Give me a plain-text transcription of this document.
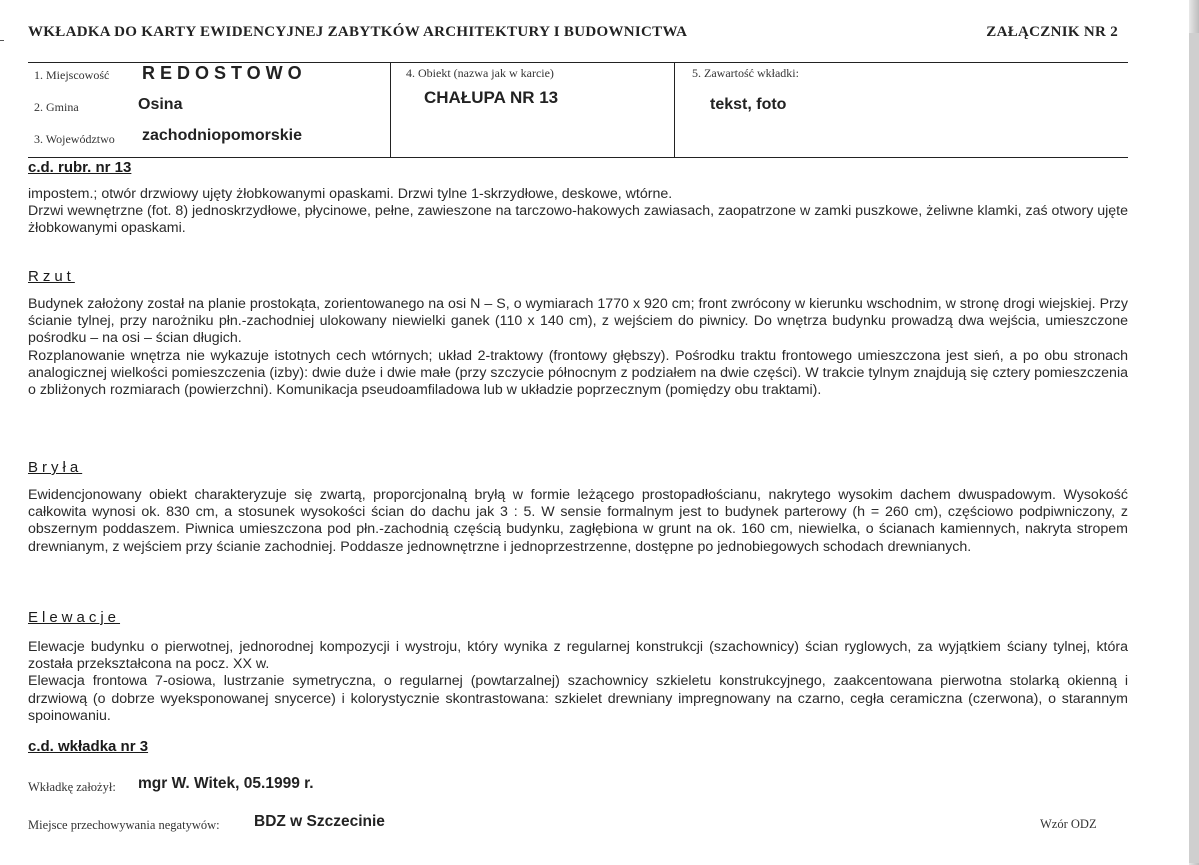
WKŁADKA DO KARTY EWIDENCYJNEJ ZABYTKÓW ARCHITEKTURY I BUDOWNICTWA	ZAŁĄCZNIK NR 2
1. Miejscowość REDOSTOWO
2. Gmina	Osina
3. Województwo zachodniopomorskie
4. Obiekt (nazwa jak w karcie)
CHAŁUPA NR 13
5. Zawartość wkładki:
tekst, foto
c.d. rubr. nr 13

impostem.; otwór drzwiowy ujęty żłobkowanymi opaskami. Drzwi tylne 1-skrzydłowe, deskowe, wtórne.

Drzwi wewnętrzne (fot. 8) jednoskrzydłowe, płycinowe, pełne, zawieszone na tarczowo-hakowych zawiasach, zaopatrzone w zamki puszkowe, żeliwne klamki, zaś otwory ujęte żłobkowanymi opaskami.

Rzut

Budynek założony został na planie prostokąta, zorientowanego na osi N – S, o wymiarach 1770 x 920 cm; front zwrócony w kierunku wschodnim, w stronę drogi wiejskiej. Przy ścianie tylnej, przy narożniku płn.-zachodniej ulokowany niewielki ganek (110 x 140 cm), z wejściem do piwnicy. Do wnętrza budynku prowadzą dwa wejścia, umieszczone pośrodku – na osi – ścian długich.

Rozplanowanie wnętrza nie wykazuje istotnych cech wtórnych; układ 2-traktowy (frontowy głębszy). Pośrodku traktu frontowego umieszczona jest sień, a po obu stronach analogicznej wielkości pomieszczenia (izby): dwie duże i dwie małe (przy szczycie północnym z podziałem na dwie części). W trakcie tylnym znajdują się cztery pomieszczenia o zbliżonych rozmiarach (powierzchni). Komunikacja pseudoamfiladowa lub w układzie poprzecznym (pomiędzy obu traktami).

Bryła

Ewidencjonowany obiekt charakteryzuje się zwartą, proporcjonalną bryłą w formie leżącego prostopadłościanu, nakrytego wysokim dachem dwuspadowym. Wysokość całkowita wynosi ok. 830 cm, a stosunek wysokości ścian do dachu jak 3 : 5. W sensie formalnym jest to budynek parterowy (h = 260 cm), częściowo podpiwniczony, z obszernym poddaszem. Piwnica umieszczona pod płn.-zachodnią częścią budynku, zagłębiona w grunt na ok. 160 cm, niewielka, o ścianach kamiennych, nakryta stropem drewnianym, z wejściem przy ścianie zachodniej. Poddasze jednownętrzne i jednoprzestrzenne, dostępne po jednobiegowych schodach drewnianych.

Elewacje

Elewacje budynku o pierwotnej, jednorodnej kompozycji i wystroju, który wynika z regularnej konstrukcji (szachownicy) ścian ryglowych, za wyjątkiem ściany tylnej, która została przekształcona na pocz. XX w.

Elewacja frontowa 7-osiowa, lustrzanie symetryczna, o regularnej (powtarzalnej) szachownicy szkieletu konstrukcyjnego, zaakcentowana pierwotna stolarką okienną i drzwiową (o dobrze wyeksponowanej snycerce) i kolorystycznie skontrastowana: szkielet drewniany impregnowany na czarno, cegła ceramiczna (czerwona), o starannym spoinowaniu.

c.d. wkładka nr 3
Wkładkę założył: mgr W. Witek, 05.1999 r.
Miejsce przechowywania negatywów: BDZ w Szczecinie	Wzór ODZ
